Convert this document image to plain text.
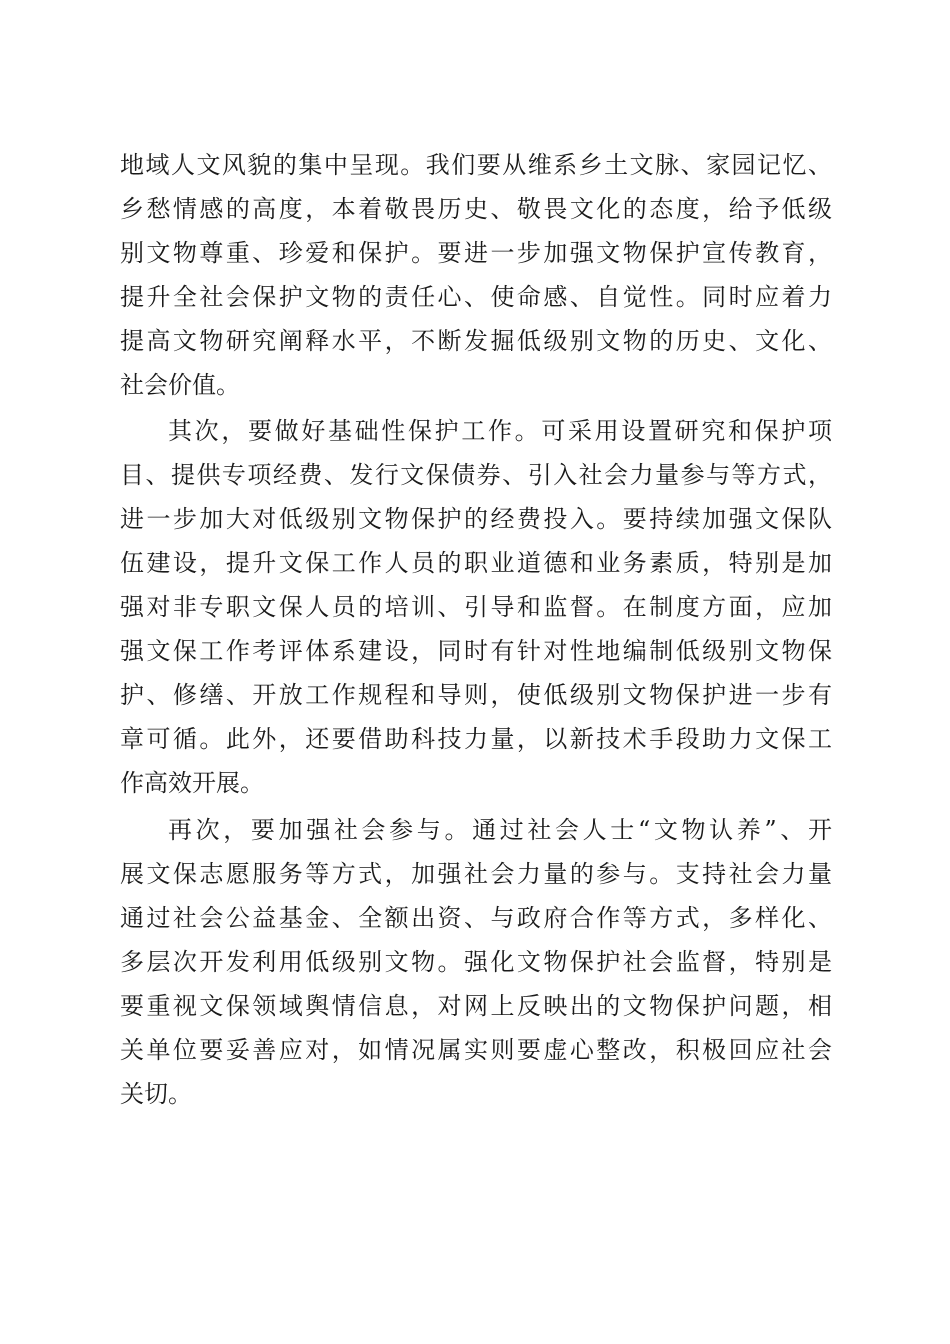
地域人文风貌的集中呈现。我们要从维系乡土文脉、家园记忆、

乡愁情感的高度，本着敬畏历史、敬畏文化的态度，给予低级

别文物尊重、珍爱和保护。要进一步加强文物保护宣传教育，

提升全社会保护文物的责任心、使命感、自觉性。同时应着力

提高文物研究阐释水平，不断发掘低级别文物的历史、文化、

社会价值。

其次，要做好基础性保护工作。可采用设置研究和保护项

目、提供专项经费、发行文保债券、引入社会力量参与等方式，

进一步加大对低级别文物保护的经费投入。要持续加强文保队

伍建设，提升文保工作人员的职业道德和业务素质，特别是加

强对非专职文保人员的培训、引导和监督。在制度方面，应加

强文保工作考评体系建设，同时有针对性地编制低级别文物保

护、修缮、开放工作规程和导则，使低级别文物保护进一步有

章可循。此外，还要借助科技力量，以新技术手段助力文保工

作高效开展。

再次，要加强社会参与。通过社会人士“文物认养”、开

展文保志愿服务等方式，加强社会力量的参与。支持社会力量

通过社会公益基金、全额出资、与政府合作等方式，多样化、

多层次开发利用低级别文物。强化文物保护社会监督，特别是

要重视文保领域舆情信息，对网上反映出的文物保护问题，相

关单位要妥善应对，如情况属实则要虚心整改，积极回应社会

关切。
